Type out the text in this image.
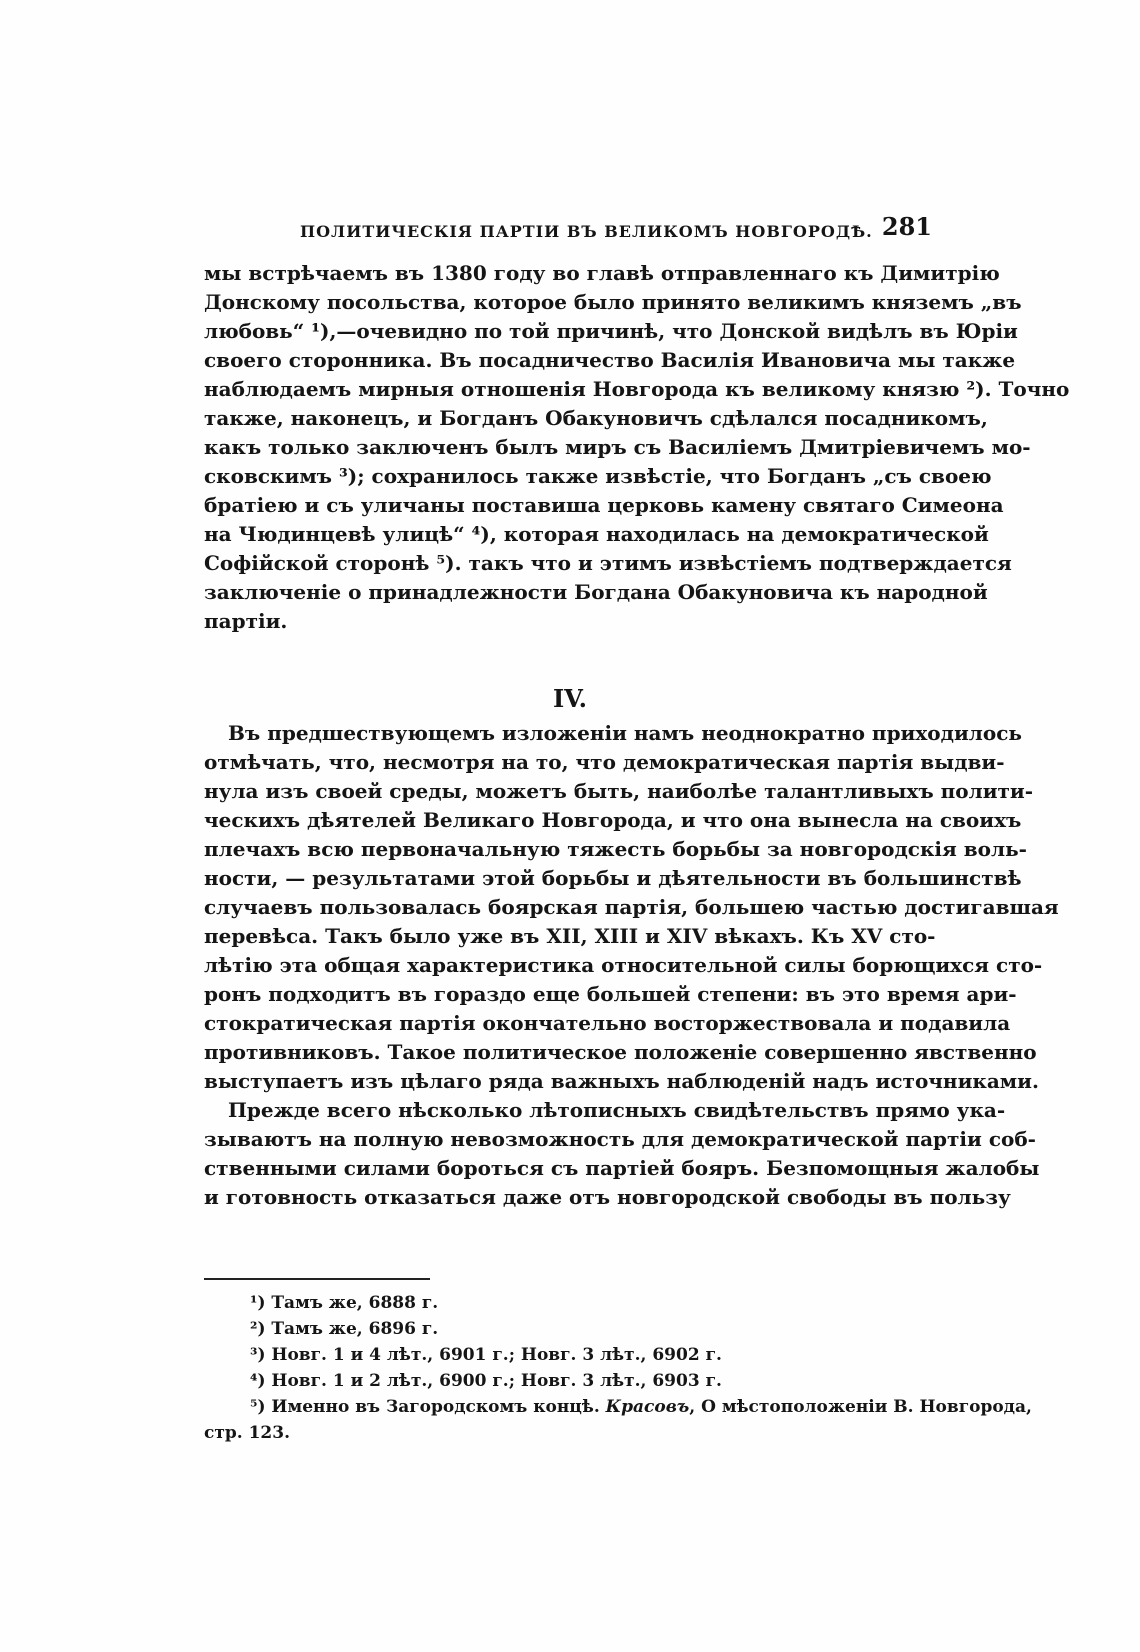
ПОЛИТИЧЕСКІЯ ПАРТІИ ВЪ ВЕЛИКОМЪ НОВГОРОДѢ. 281
мы встрѣчаемъ въ 1380 году во главѣ отправленнаго къ Димитрію
Донскому посольства, которое было принято великимъ княземъ „въ
любовь“ ¹),—очевидно по той причинѣ, что Донской видѣлъ въ Юріи
своего сторонника. Въ посадничество Василія Ивановича мы также
наблюдаемъ мирныя отношенія Новгорода къ великому князю ²). Точно
также, наконецъ, и Богданъ Обакуновичъ сдѣлался посадникомъ,
какъ только заключенъ былъ миръ съ Василіемъ Дмитріевичемъ мо-
сковскимъ ³); сохранилось также извѣстіе, что Богданъ „съ своею
братіею и съ уличаны поставиша церковь камену святаго Симеона
на Чюдинцевѣ улицѣ“ ⁴), которая находилась на демократической
Софійской сторонѣ ⁵). такъ что и этимъ извѣстіемъ подтверждается
заключеніе о принадлежности Богдана Обакуновича къ народной
партіи.
IV.
Въ предшествующемъ изложеніи намъ неоднократно приходилось
отмѣчать, что, несмотря на то, что демократическая партія выдви-
нула изъ своей среды, можетъ быть, наиболѣе талантливыхъ полити-
ческихъ дѣятелей Великаго Новгорода, и что она вынесла на своихъ
плечахъ всю первоначальную тяжесть борьбы за новгородскія воль-
ности, — результатами этой борьбы и дѣятельности въ большинствѣ
случаевъ пользовалась боярская партія, большею частью достигавшая
перевѣса. Такъ было уже въ XII, XIII и XIV вѣкахъ. Къ XV сто-
лѣтію эта общая характеристика относительной силы борющихся сто-
ронъ подходитъ въ гораздо еще большей степени: въ это время ари-
стократическая партія окончательно восторжествовала и подавила
противниковъ. Такое политическое положеніе совершенно явственно
выступаетъ изъ цѣлаго ряда важныхъ наблюденій надъ источниками.
Прежде всего нѣсколько лѣтописныхъ свидѣтельствъ прямо ука-
зываютъ на полную невозможность для демократической партіи соб-
ственными силами бороться съ партіей бояръ. Безпомощныя жалобы
и готовность отказаться даже отъ новгородской свободы въ пользу
¹) Тамъ же, 6888 г.
²) Тамъ же, 6896 г.
³) Новг. 1 и 4 лѣт., 6901 г.; Новг. 3 лѣт., 6902 г.
⁴) Новг. 1 и 2 лѣт., 6900 г.; Новг. 3 лѣт., 6903 г.
⁵) Именно въ Загородскомъ концѣ. Красовъ, О мѣстоположеніи В. Новгорода,
стр. 123.
